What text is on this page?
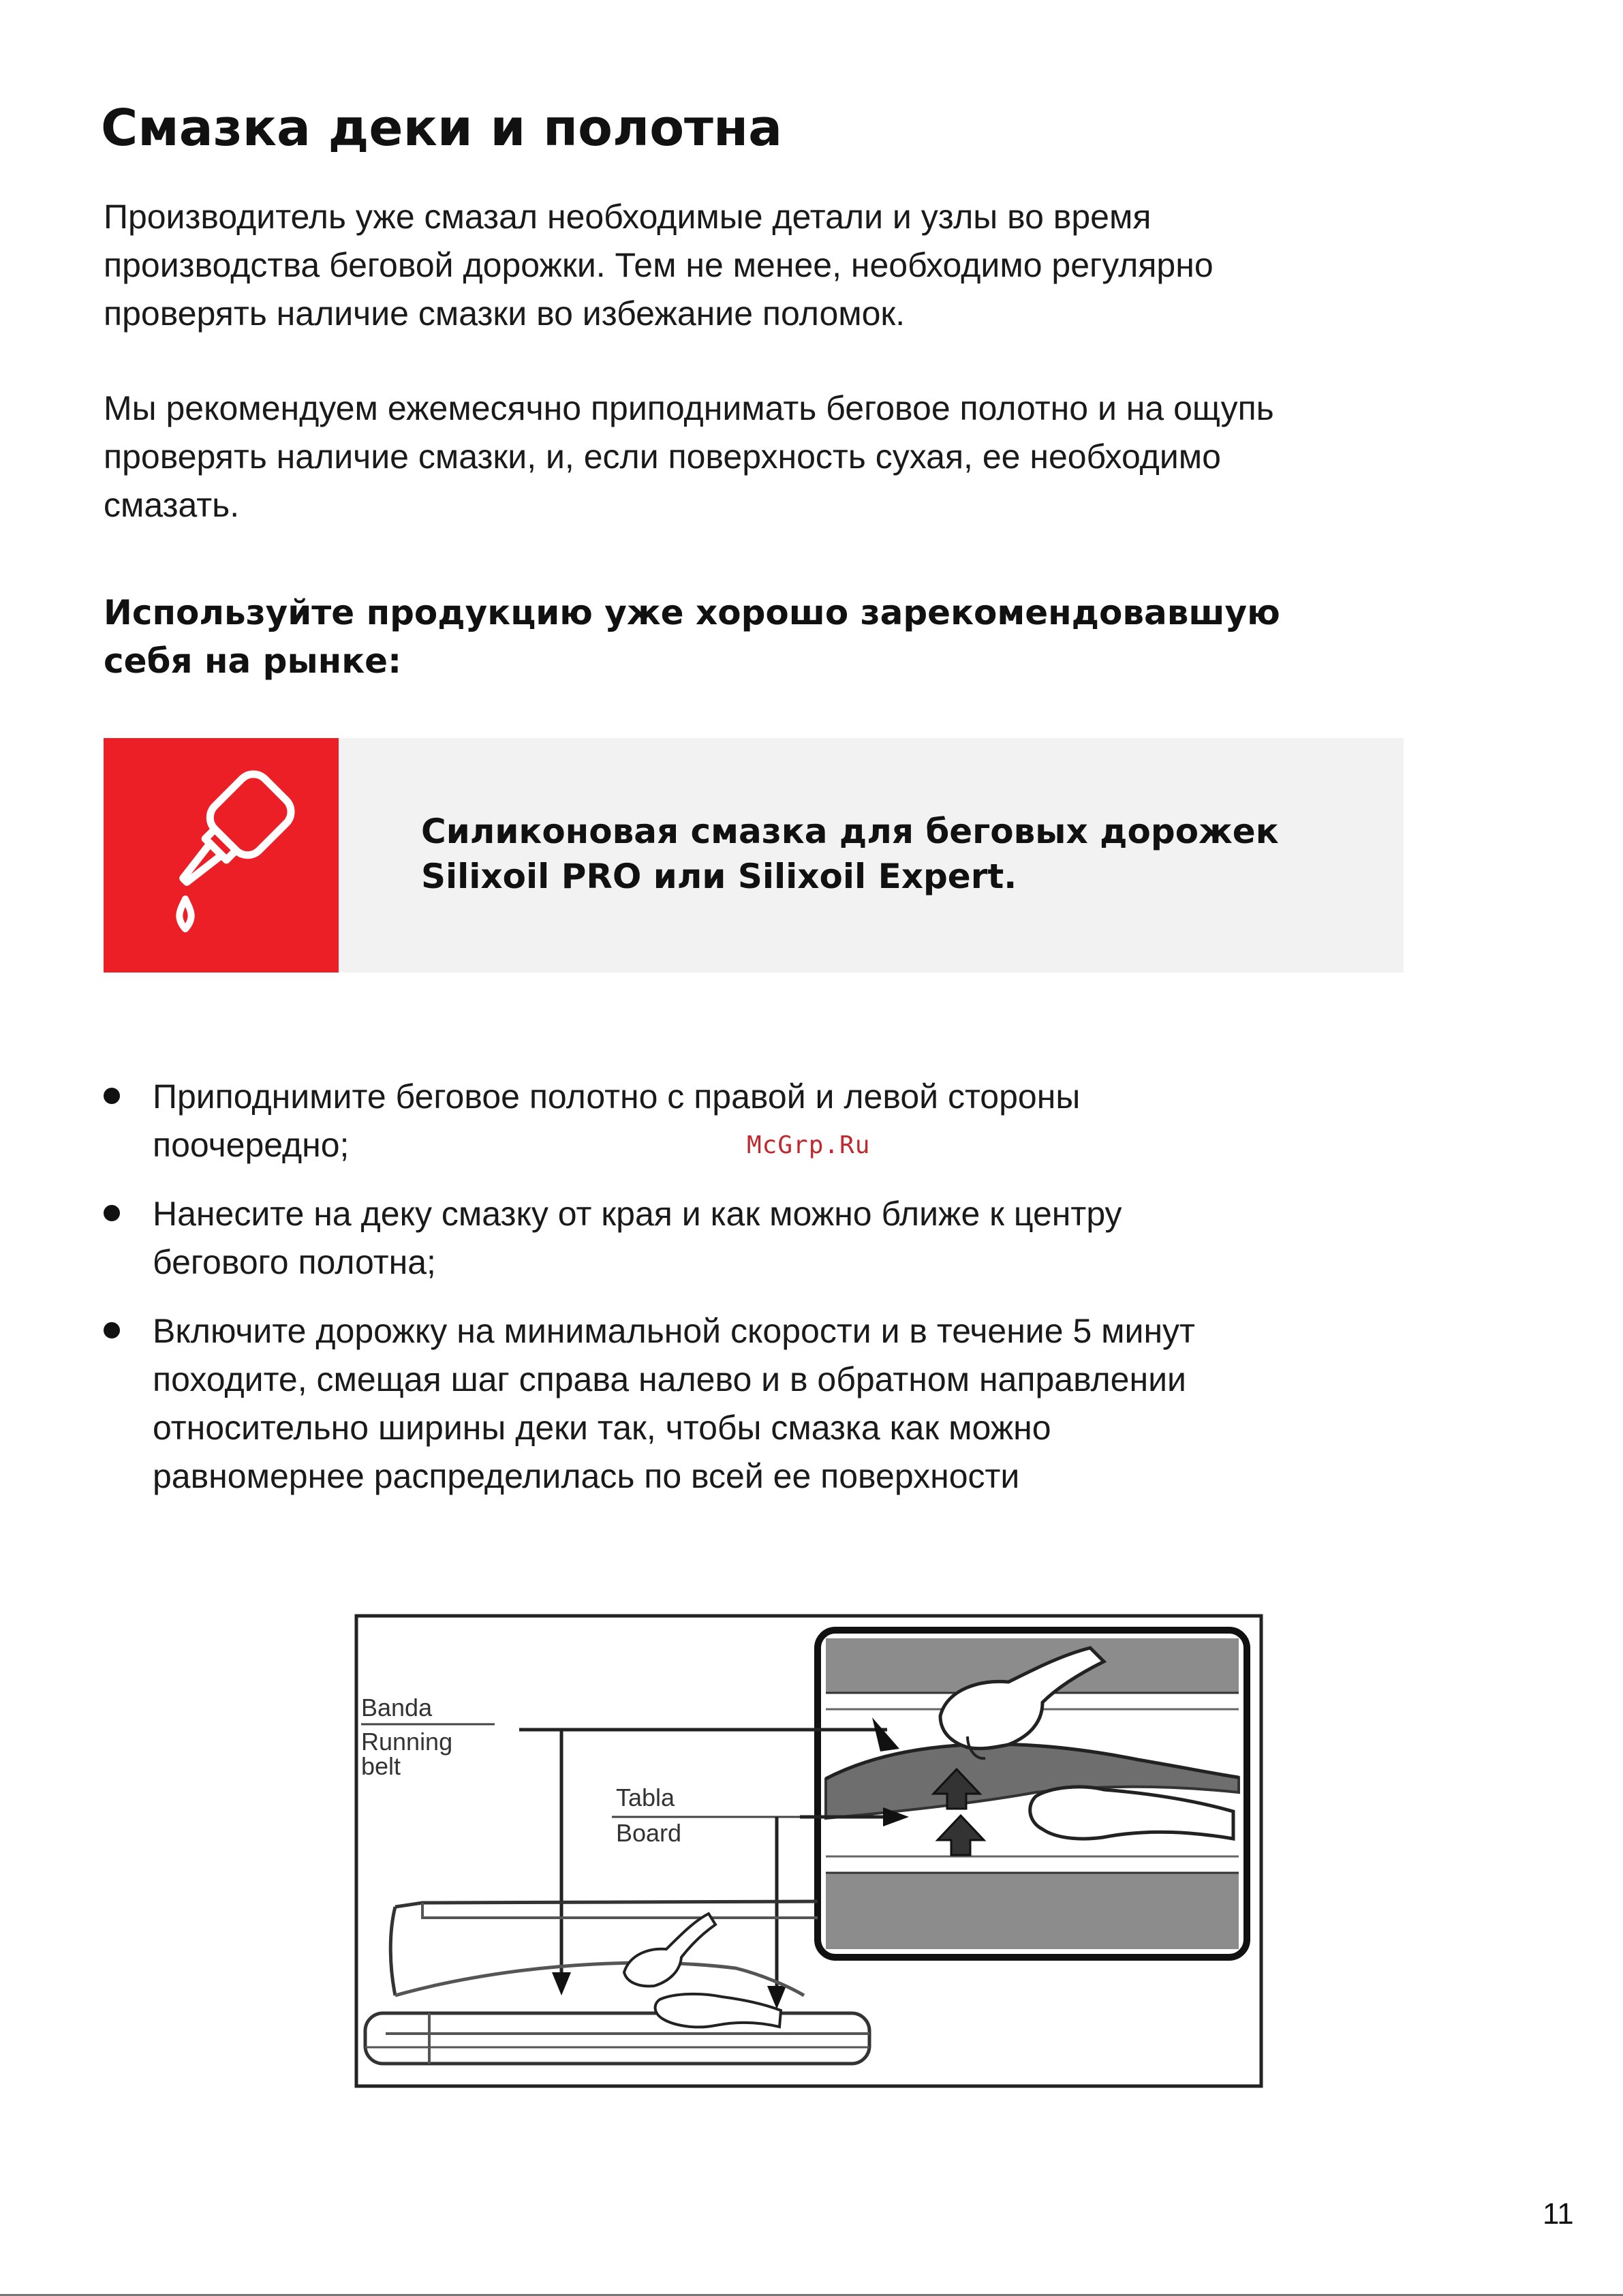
Смазка деки и полотна
Производитель уже смазал необходимые детали и узлы во время
производства беговой дорожки. Тем не менее, необходимо регулярно
проверять наличие смазки во избежание поломок.
Мы рекомендуем ежемесячно приподнимать беговое полотно и на ощупь
проверять наличие смазки, и, если поверхность сухая, ее необходимо
смазать.
Используйте продукцию уже хорошо зарекомендовавшую
себя на рынке:
Силиконовая смазка для беговых дорожек
Silixoil PRO или Silixoil Expert.
Приподнимите беговое полотно с правой и левой стороны
поочередно;
Нанесите на деку смазку от края и как можно ближе к центру
бегового полотна;
Включите дорожку на минимальной скорости и в течение 5 минут
походите, смещая шаг справа налево и в обратном направлении
относительно ширины деки так, чтобы смазка как можно
равномернее распределилась по всей ее поверхности
McGrp.Ru
Banda
Running
belt
Tabla
Board
11
